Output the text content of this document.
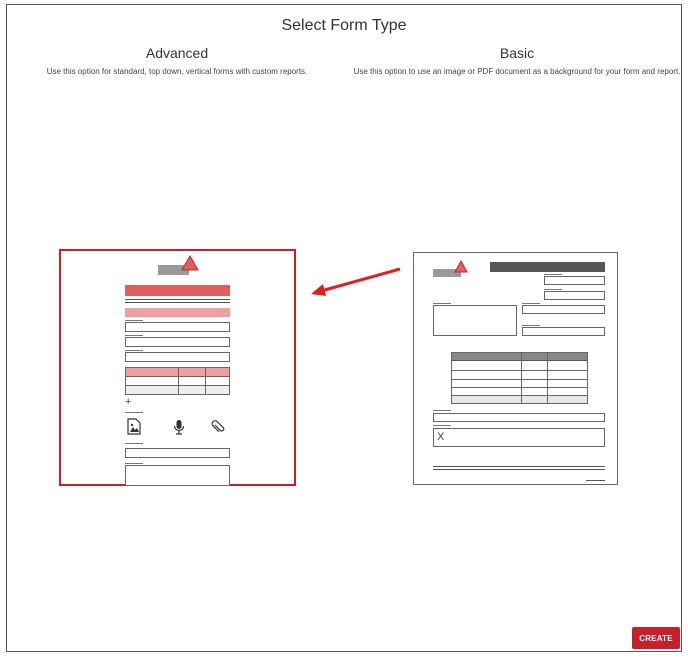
Select Form Type
Advanced
Use this option for standard, top down, vertical forms with custom reports.
Basic
Use this option to use an image or PDF document as a background for your form and report.
+
X
CREATE
